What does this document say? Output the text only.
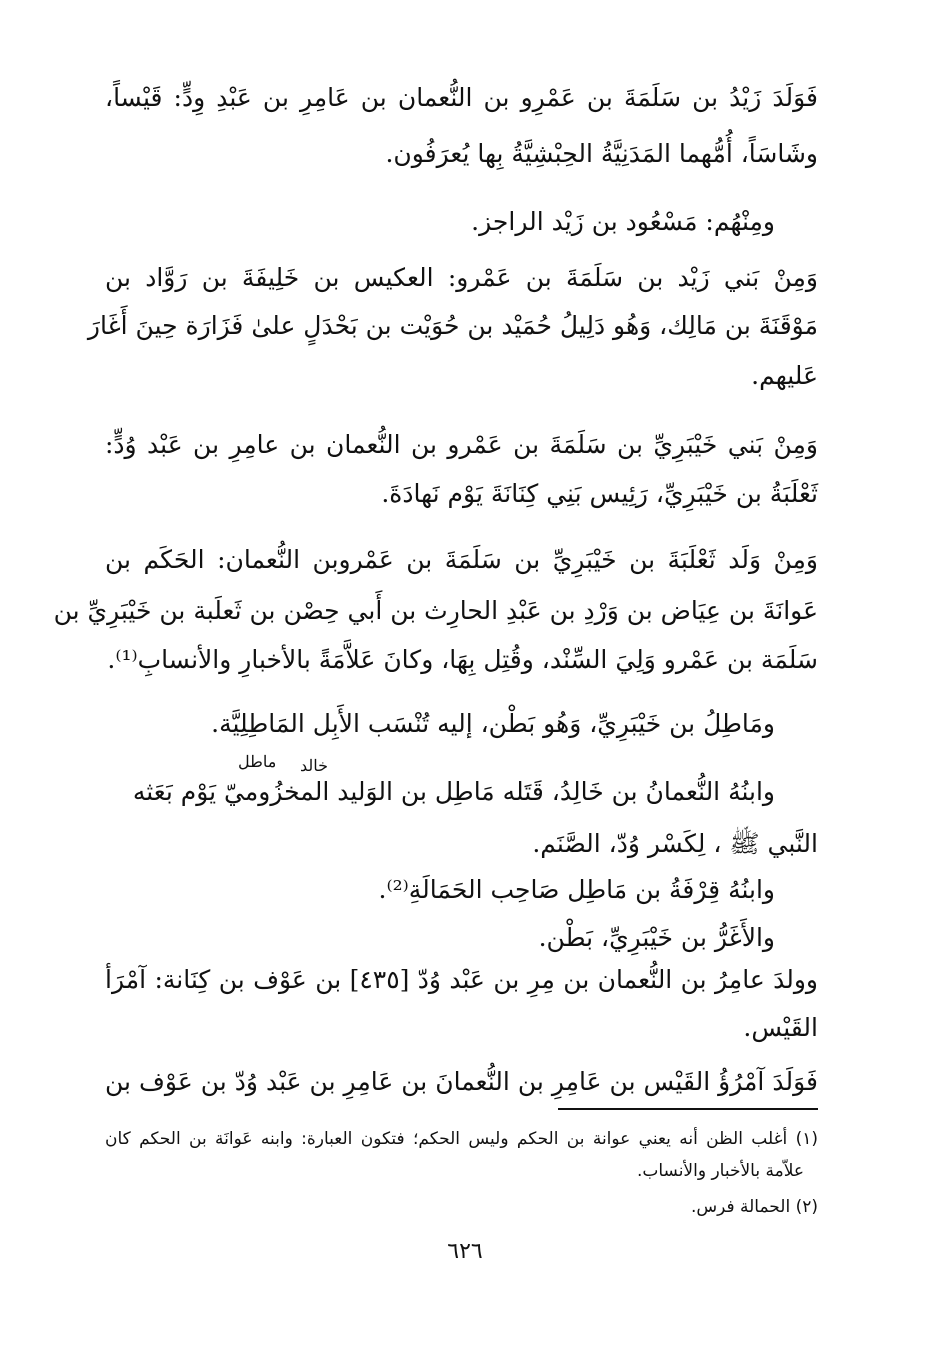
فَوَلَدَ زَيْدُ بن سَلَمَةَ بن عَمْرِو بن النُّعمان بن عَامِرِ بن عَبْدِ وِدٍّ: قَيْساً،
وشَاسَاً، أُمُّهما المَدَنِيَّةُ الحِبْشِيَّةُ بِها يُعرَفُون.
ومِنْهُم: مَسْعُود بن زَيْد الراجز.
وَمِنْ بَني زَيْد بن سَلَمَةَ بن عَمْرو: العكيس بن خَلِيفَةَ بن رَوَّاد بن
مَوْقَنَةَ بن مَالِك، وَهُو دَلِيلُ حُمَيْد بن حُوَيْت بن بَحْدَلٍ علىٰ فَزَارَة حِينَ أَغَارَ
عَليهم.
وَمِنْ بَني خَيْبَرِيِّ بن سَلَمَةَ بن عَمْرو بن النُّعمان بن عامِرِ بن عَبْد وُدٍّ:
ثَعْلَبَةُ بن خَيْبَرِيِّ، رَئِيس بَنِي كِنَانَةَ يَوْم نَهادَةَ.
وَمِنْ وَلَد ثَعْلَبَةَ بن خَيْبَرِيِّ بن سَلَمَةَ بن عَمْروبن النُّعمان: الحَكَم بن
عَوانَةَ بن عِيَاض بن وَرْدِ بن عَبْدِ الحارِث بن أَبي حِصْن بن ثَعلَبة بن خَيْبَرِيِّ بن
سَلَمَة بن عَمْرو وَلِيَ السِّنْد، وقُتِل بِهَا، وكانَ عَلاَّمَةً بالأخبارِ والأنسابِ⁽¹⁾.
ومَاطِلُ بن خَيْبَرِيِّ، وَهُو بَطْن، إليه تُنْسَب الأَبِل المَاطِلِيَّة.
وابنُهُ النُّعمانُ بن خَالِدُ، قَتَله مَاطِل بن الوَليد المخزُوميّ يَوْم بَعَثه
النَّبي ﷺ ، لِكَسْر وُدّ، الصَّنَم.
وابنُهُ قِرْفَةُ بن مَاطِل صَاحِب الحَمَالَةِ⁽²⁾.
والأَغَرُّ بن خَيْبَرِيِّ، بَطْن.
وولدَ عامِرُ بن النُّعمان بن مِرِ بن عَبْد وُدّ [٤٣٥] بن عَوْف بن كِنَانة: آمْرَأ
القَيْس.
فَوَلَدَ آمْرُؤُ القَيْس بن عَامِرِ بن النُّعمانَ بن عَامِرِ بن عَبْد وُدّ بن عَوْف بن
ماطل خالد
(١) أغلب الظن أنه يعني عوانة بن الحكم وليس الحكم؛ فتكون العبارة: وابنه عَوانَة بن الحكم كان
علاّمة بالأخبار والأنساب.
(٢) الحمالة فرس.
٦٢٦
